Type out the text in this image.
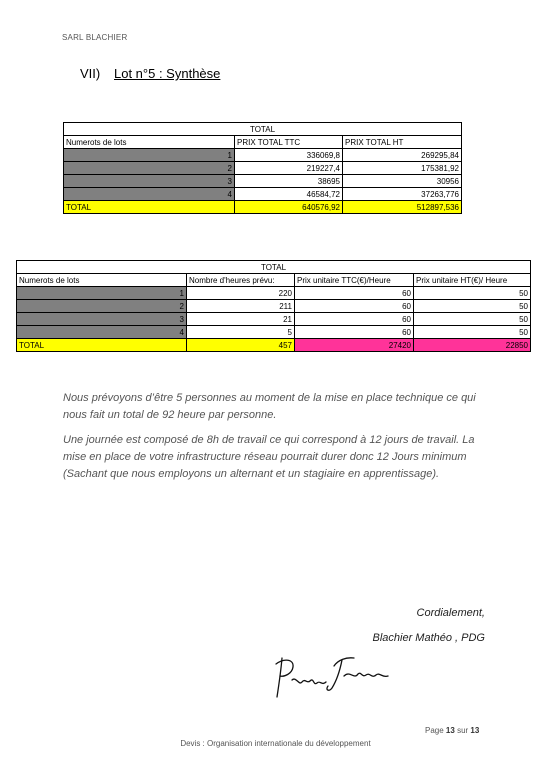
SARL BLACHIER
VII) Lot n°5 : Synthèse
TOTAL		
Numerots de lots	PRIX TOTAL TTC	PRIX TOTAL HT
1	336069,8	269295,84
2	219227,4	175381,92
3	38695	30956
4	46584,72	37263,776
TOTAL	640576,92	512897,536
TOTAL			
Numerots de lots	Nombre d'heures prévu:	Prix unitaire TTC(€)/Heure	Prix unitaire HT(€)/ Heure
1	220	60	50
2	211	60	50
3	21	60	50
4	5	60	50
TOTAL	457	27420	22850

Nous prévoyons d’être 5 personnes au moment de la mise en place technique ce qui nous fait un total de 92 heure par personne.

Une journée est composé de 8h de travail ce qui correspond à 12 jours de travail. La mise en place de votre infrastructure réseau pourrait durer donc 12 Jours minimum (Sachant que nous employons un alternant et un stagiaire en apprentissage).

Cordialement,
Blachier Mathéo , PDG
Page 13 sur 13
Devis : Organisation internationale du développement
